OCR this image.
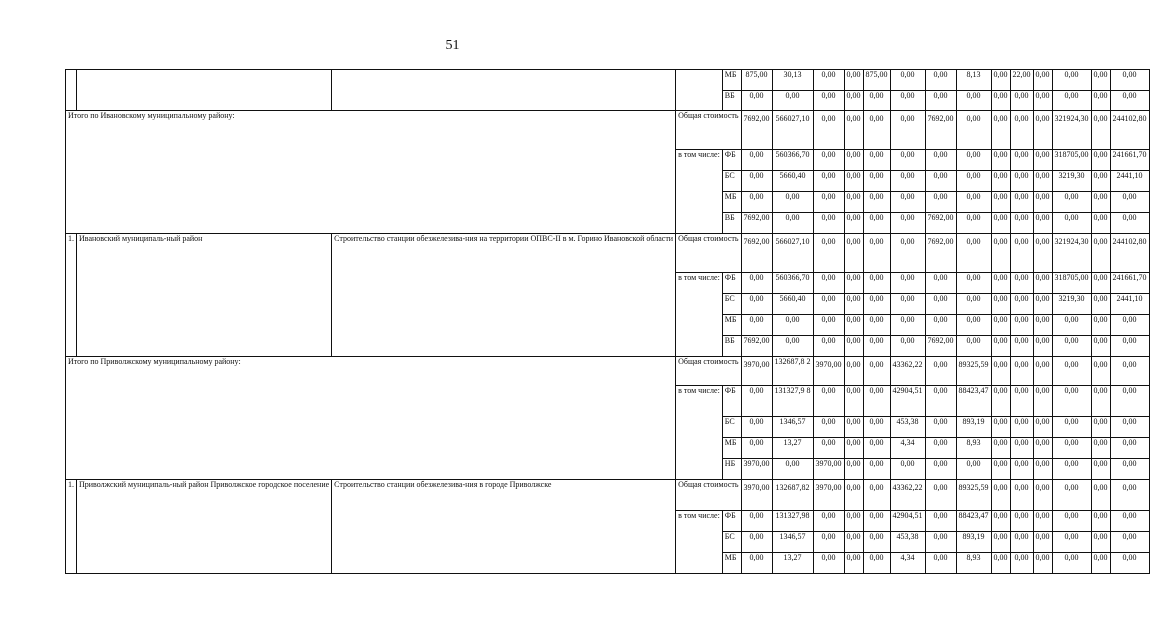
51
				МБ	875,00	30,13	0,00	0,00	875,00	0,00	0,00	8,13	0,00	22,00	0,00	0,00	0,00	0,00
				ВБ	0,00	0,00	0,00	0,00	0,00	0,00	0,00	0,00	0,00	0,00	0,00	0,00	0,00	0,00
Итого по Ивановскому муниципальному району:			Общая стоимость		7692,00	566027,10	0,00	0,00	0,00	0,00	7692,00	0,00	0,00	0,00	0,00	321924,30	0,00	244102,80
			в том числе:	ФБ	0,00	560366,70	0,00	0,00	0,00	0,00	0,00	0,00	0,00	0,00	0,00	318705,00	0,00	241661,70
				БС	0,00	5660,40	0,00	0,00	0,00	0,00	0,00	0,00	0,00	0,00	0,00	3219,30	0,00	2441,10
				МБ	0,00	0,00	0,00	0,00	0,00	0,00	0,00	0,00	0,00	0,00	0,00	0,00	0,00	0,00
				ВБ	7692,00	0,00	0,00	0,00	0,00	0,00	7692,00	0,00	0,00	0,00	0,00	0,00	0,00	0,00
1.	Ивановский муниципаль-ный район	Строительство станции обезжелезива-ния на территории ОПВС-II в м. Горино Ивановской области	Общая стоимость		7692,00	566027,10	0,00	0,00	0,00	0,00	7692,00	0,00	0,00	0,00	0,00	321924,30	0,00	244102,80
			в том числе:	ФБ	0,00	560366,70	0,00	0,00	0,00	0,00	0,00	0,00	0,00	0,00	0,00	318705,00	0,00	241661,70
				БС	0,00	5660,40	0,00	0,00	0,00	0,00	0,00	0,00	0,00	0,00	0,00	3219,30	0,00	2441,10
				МБ	0,00	0,00	0,00	0,00	0,00	0,00	0,00	0,00	0,00	0,00	0,00	0,00	0,00	0,00
				ВБ	7692,00	0,00	0,00	0,00	0,00	0,00	7692,00	0,00	0,00	0,00	0,00	0,00	0,00	0,00
Итого по Приволжскому муниципальному району:			Общая стоимость		3970,00	132687,8 2	3970,00	0,00	0,00	43362,22	0,00	89325,59	0,00	0,00	0,00	0,00	0,00	0,00
			в том числе:	ФБ	0,00	131327,9 8	0,00	0,00	0,00	42904,51	0,00	88423,47	0,00	0,00	0,00	0,00	0,00	0,00
				БС	0,00	1346,57	0,00	0,00	0,00	453,38	0,00	893,19	0,00	0,00	0,00	0,00	0,00	0,00
				МБ	0,00	13,27	0,00	0,00	0,00	4,34	0,00	8,93	0,00	0,00	0,00	0,00	0,00	0,00
				НБ	3970,00	0,00	3970,00	0,00	0,00	0,00	0,00	0,00	0,00	0,00	0,00	0,00	0,00	0,00
1.	Приволжский муниципаль-ный район Приволжское городское поселение	Строительство станции обезжелезива-ния в городе Приволжске	Общая стоимость		3970,00	132687,82	3970,00	0,00	0,00	43362,22	0,00	89325,59	0,00	0,00	0,00	0,00	0,00	0,00
			в том числе:	ФБ	0,00	131327,98	0,00	0,00	0,00	42904,51	0,00	88423,47	0,00	0,00	0,00	0,00	0,00	0,00
				БС	0,00	1346,57	0,00	0,00	0,00	453,38	0,00	893,19	0,00	0,00	0,00	0,00	0,00	0,00
				МБ	0,00	13,27	0,00	0,00	0,00	4,34	0,00	8,93	0,00	0,00	0,00	0,00	0,00	0,00
